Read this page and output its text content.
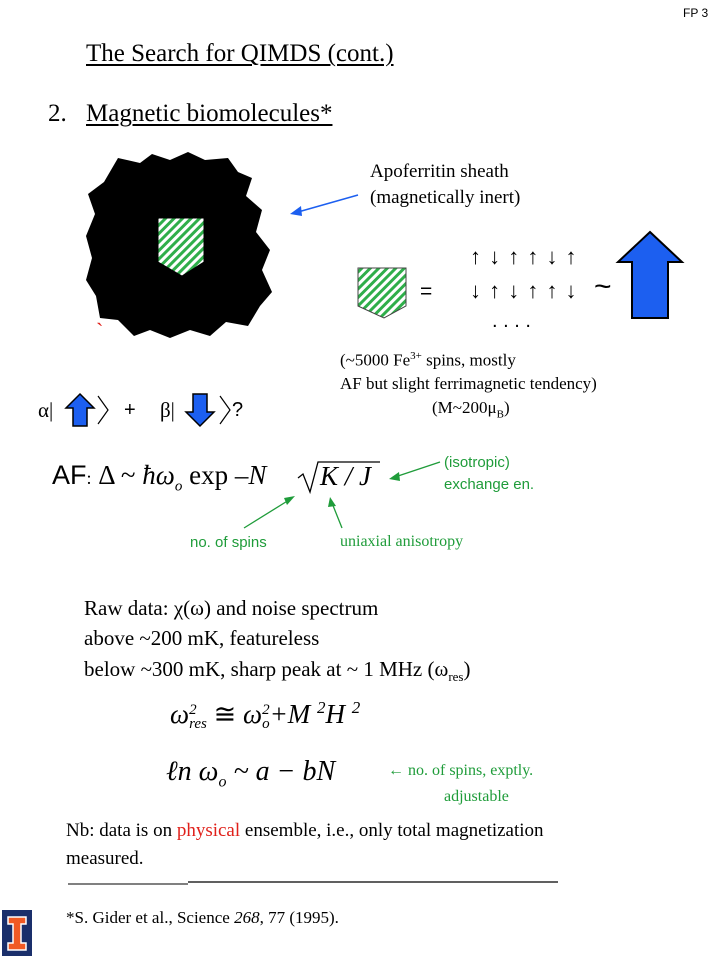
FP 3
The Search for QIMDS (cont.)
2. Magnetic biomolecules*
Apoferritin sheath
(magnetically inert)
↑ ↓ ↑ ↑ ↓ ↑
= ↓ ↑ ↓ ↑ ↑ ↓
. . . .
~
`
(~5000 $Fe^{3+}$ spins, mostly
AF but slight ferrimagnetic tendency)
$(M\sim 200\mu_B)$
α|	+ β|	?
AF: Δ ~ $ħ\omega_o$ exp –N K / J	(isotropic)
exchange en.
no. of spins	uniaxial anisotropy
Raw data: χ(ω) and noise spectrum
above ~200 mK, featureless
below ~300 mK, sharp peak at ~ 1 MHz $(\omega_{res})$
ω 2
res ≅ ω 2
o +M $^2$H $^2$
ℓn $\omega_o$ ~ a − bN	← no. of spins, exptly.
adjustable
Nb: data is on physical ensemble, i.e., only total magnetization
measured.
*S. Gider et al., Science 268, 77 (1995).
